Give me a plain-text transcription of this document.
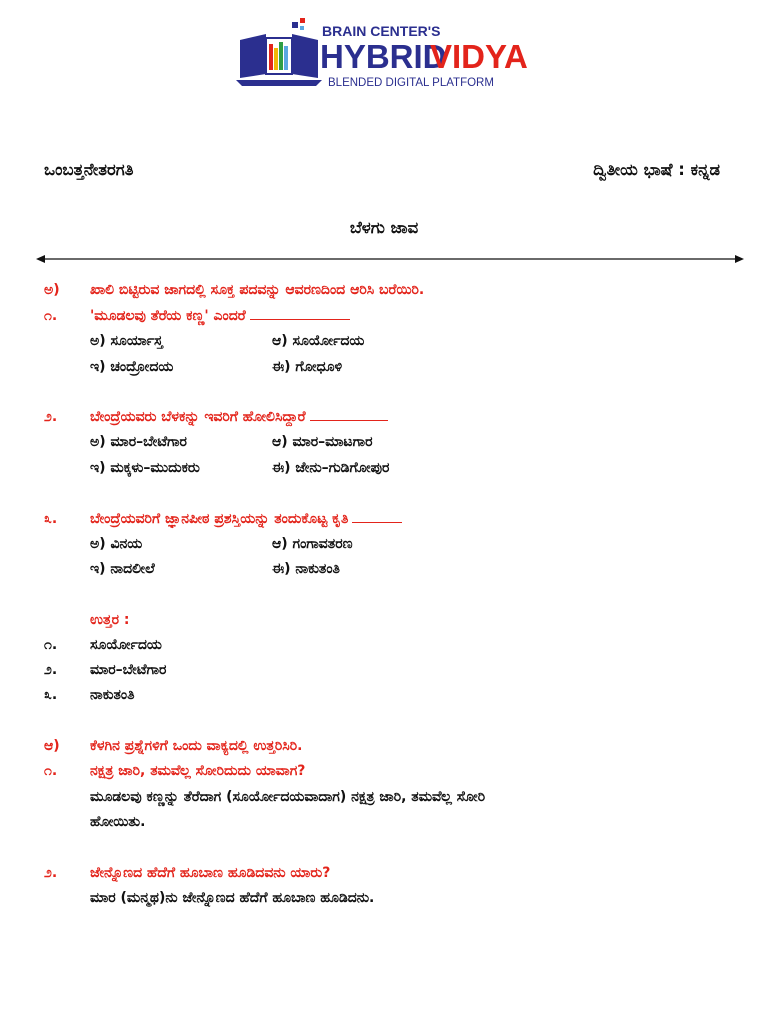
BRAIN CENTER'S
HYBRID
VIDYA
BLENDED DIGITAL PLATFORM
ಒಂಬತ್ತನೇತರಗತಿ	ದ್ವಿತೀಯ ಭಾಷೆ : ಕನ್ನಡ
ಬೆಳಗು ಜಾವ
ಅ) ಖಾಲಿ ಬಿಟ್ಟಿರುವ ಜಾಗದಲ್ಲಿ ಸೂಕ್ತ ಪದವನ್ನು ಆವರಣದಿಂದ ಆರಿಸಿ ಬರೆಯಿರಿ.
೧. 'ಮೂಡಲವು ತೆರೆಯ ಕಣ್ಣ' ಎಂದರೆ
ಅ) ಸೂರ್ಯಾಸ್ತ	ಆ) ಸೂರ್ಯೋದಯ
ಇ) ಚಂದ್ರೋದಯ	ಈ) ಗೋಧೂಳಿ
೨. ಬೇಂದ್ರೆಯವರು ಬೆಳಕನ್ನು ಇವರಿಗೆ ಹೋಲಿಸಿದ್ದಾರೆ
ಅ) ಮಾರ–ಬೇಟೆಗಾರ	ಆ) ಮಾರ–ಮಾಟಗಾರ
ಇ) ಮಕ್ಕಳು–ಮುದುಕರು	ಈ) ಜೇನು–ಗುಡಿಗೋಪುರ
೩. ಬೇಂದ್ರೆಯವರಿಗೆ ಜ್ಞಾನಪೀಠ ಪ್ರಶಸ್ತಿಯನ್ನು ತಂದುಕೊಟ್ಟ ಕೃತಿ
ಅ) ವಿನಯ	ಆ) ಗಂಗಾವತರಣ
ಇ) ನಾದಲೀಲೆ	ಈ) ನಾಕುತಂತಿ
ಉತ್ತರ :
೧. ಸೂರ್ಯೋದಯ
೨. ಮಾರ–ಬೇಟೆಗಾರ
೩. ನಾಕುತಂತಿ
ಆ) ಕೆಳಗಿನ ಪ್ರಶ್ನೆಗಳಿಗೆ ಒಂದು ವಾಕ್ಯದಲ್ಲಿ ಉತ್ತರಿಸಿರಿ.
೧. ನಕ್ಷತ್ರ ಜಾರಿ, ತಮವೆಲ್ಲ ಸೋರಿದುದು ಯಾವಾಗ?
ಮೂಡಲವು ಕಣ್ಣನ್ನು ತೆರೆದಾಗ (ಸೂರ್ಯೋದಯವಾದಾಗ) ನಕ್ಷತ್ರ ಜಾರಿ, ತಮವೆಲ್ಲ ಸೋರಿ
ಹೋಯಿತು.
೨. ಜೇನ್ನೊಣದ ಹೆದೆಗೆ ಹೂಬಾಣ ಹೂಡಿದವನು ಯಾರು?
ಮಾರ (ಮನ್ಮಥ)ನು ಜೇನ್ನೊಣದ ಹೆದೆಗೆ ಹೂಬಾಣ ಹೂಡಿದನು.
